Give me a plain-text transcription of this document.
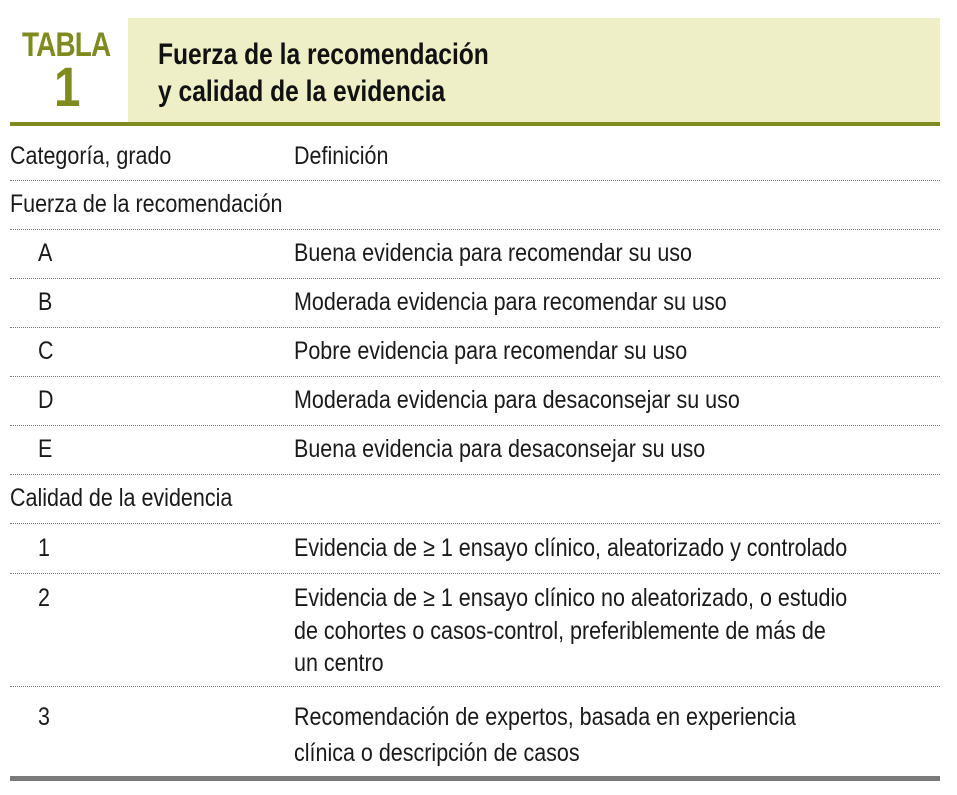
TABLA
1
Fuerza de la recomendación
y calidad de la evidencia
Categoría, grado	Definición
Fuerza de la recomendación
A	Buena evidencia para recomendar su uso
B	Moderada evidencia para recomendar su uso
C	Pobre evidencia para recomendar su uso
D	Moderada evidencia para desaconsejar su uso
E	Buena evidencia para desaconsejar su uso
Calidad de la evidencia
1	Evidencia de ≥ 1 ensayo clínico, aleatorizado y controlado
2	Evidencia de ≥ 1 ensayo clínico no aleatorizado, o estudio
de cohortes o casos-control, preferiblemente de más de
un centro
3	Recomendación de expertos, basada en experiencia
clínica o descripción de casos
